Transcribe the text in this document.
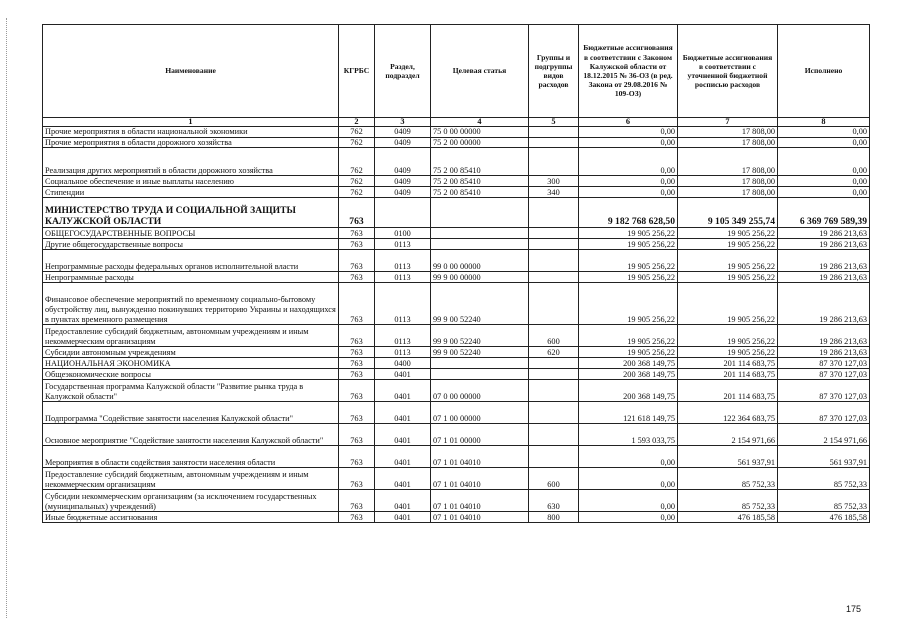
Наименование	КГРБС	Раздел, подраздел	Целевая статья	Группы и подгруппы видов расходов	Бюджетные ассигнования в соответствии с Законом Калужской области от 18.12.2015 № 36-ОЗ (в ред. Закона от 29.08.2016 № 109-ОЗ)	Бюджетные ассигнования в соответствии с уточненной бюджетной росписью расходов	Исполнено
1	2	3	4	5	6	7	8
Прочие мероприятия в области национальной экономики	762	0409	75 0 00 00000		0,00	17 808,00	0,00
Прочие мероприятия в области дорожного хозяйства	762	0409	75 2 00 00000		0,00	17 808,00	0,00
Реализация других мероприятий в области дорожного хозяйства	762	0409	75 2 00 85410		0,00	17 808,00	0,00
Социальное обеспечение и иные выплаты населению	762	0409	75 2 00 85410	300	0,00	17 808,00	0,00
Стипендии	762	0409	75 2 00 85410	340	0,00	17 808,00	0,00
МИНИСТЕРСТВО ТРУДА И СОЦИАЛЬНОЙ ЗАЩИТЫ КАЛУЖСКОЙ ОБЛАСТИ	763				9 182 768 628,50	9 105 349 255,74	6 369 769 589,39
ОБЩЕГОСУДАРСТВЕННЫЕ ВОПРОСЫ	763	0100			19 905 256,22	19 905 256,22	19 286 213,63
Другие общегосударственные вопросы	763	0113			19 905 256,22	19 905 256,22	19 286 213,63
Непрограммные расходы федеральных органов исполнительной власти	763	0113	99 0 00 00000		19 905 256,22	19 905 256,22	19 286 213,63
Непрограммные расходы	763	0113	99 9 00 00000		19 905 256,22	19 905 256,22	19 286 213,63
Финансовое обеспечение мероприятий по временному социально-бытовому обустройству лиц, вынужденно покинувших территорию Украины и находящихся в пунктах временного размещения	763	0113	99 9 00 52240		19 905 256,22	19 905 256,22	19 286 213,63
Предоставление субсидий бюджетным, автономным учреждениям и иным некоммерческим организациям	763	0113	99 9 00 52240	600	19 905 256,22	19 905 256,22	19 286 213,63
Субсидии автономным учреждениям	763	0113	99 9 00 52240	620	19 905 256,22	19 905 256,22	19 286 213,63
НАЦИОНАЛЬНАЯ ЭКОНОМИКА	763	0400			200 368 149,75	201 114 683,75	87 370 127,03
Общеэкономические вопросы	763	0401			200 368 149,75	201 114 683,75	87 370 127,03
Государственная программа Калужской области "Развитие рынка труда в Калужской области"	763	0401	07 0 00 00000		200 368 149,75	201 114 683,75	87 370 127,03
Подпрограмма "Содействие занятости населения Калужской области"	763	0401	07 1 00 00000		121 618 149,75	122 364 683,75	87 370 127,03
Основное мероприятие "Содействие занятости населения Калужской области"	763	0401	07 1 01 00000		1 593 033,75	2 154 971,66	2 154 971,66
Мероприятия в области содействия занятости населения области	763	0401	07 1 01 04010		0,00	561 937,91	561 937,91
Предоставление субсидий бюджетным, автономным учреждениям и иным некоммерческим организациям	763	0401	07 1 01 04010	600	0,00	85 752,33	85 752,33
Субсидии некоммерческим организациям (за исключением государственных (муниципальных) учреждений)	763	0401	07 1 01 04010	630	0,00	85 752,33	85 752,33
Иные бюджетные ассигнования	763	0401	07 1 01 04010	800	0,00	476 185,58	476 185,58
175
